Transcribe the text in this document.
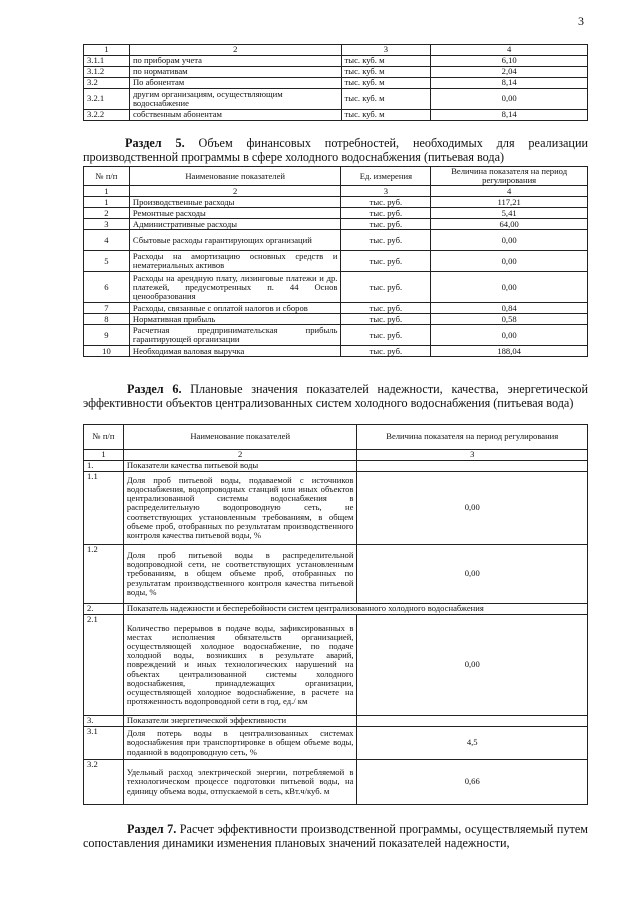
3
1	2	3	4
3.1.1	по приборам учета	тыс. куб. м	6,10
3.1.2	по нормативам	тыс. куб. м	2,04
3.2	По абонентам	тыс. куб. м	8,14
3.2.1	другим организациям, осуществляющим водоснабжение	тыс. куб. м	0,00
3.2.2	собственным абонентам	тыс. куб. м	8,14
Раздел 5. Объем финансовых потребностей, необходимых для реализации производственной программы в сфере холодного водоснабжения (питьевая вода)
№ п/п	Наименование показателей	Ед. измерения	Величина показателя на период регулирования
1	2	3	4
1	Производственные расходы	тыс. руб.	117,21
2	Ремонтные расходы	тыс. руб.	5,41
3	Административные расходы	тыс. руб.	64,00
4	Сбытовые расходы гарантирующих организаций	тыс. руб.	0,00
5	Расходы на амортизацию основных средств и нематериальных активов	тыс. руб.	0,00
6	Расходы на арендную плату, лизинговые платежи и др. платежей, предусмотренных п. 44 Основ ценообразования	тыс. руб.	0,00
7	Расходы, связанные с оплатой налогов и сборов	тыс. руб.	0,84
8	Нормативная прибыль	тыс. руб.	0,58
9	Расчетная предпринимательская прибыль гарантирующей организации	тыс. руб.	0,00
10	Необходимая валовая выручка	тыс. руб.	188,04
Раздел 6. Плановые значения показателей надежности, качества, энергетической эффективности объектов централизованных систем холодного водоснабжения (питьевая вода)
№ п/п	Наименование показателей	Величина показателя на период регулирования
1	2	3
1.	Показатели качества питьевой воды	
1.1	Доля проб питьевой воды, подаваемой с источников водоснабжения, водопроводных станций или иных объектов централизованной системы водоснабжения в распределительную водопроводную сеть, не соответствующих установленным требованиям, в общем объеме проб, отобранных по результатам производственного контроля качества питьевой воды, %	0,00
1.2	Доля проб питьевой воды в распределительной водопроводной сети, не соответствующих установленным требованиям, в общем объеме проб, отобранных по результатам производственного контроля качества питьевой воды, %	0,00
2.	Показатель надежности и бесперебойности систем централизованного холодного водоснабжения	
2.1	Количество перерывов в подаче воды, зафиксированных в местах исполнения обязательств организацией, осуществляющей холодное водоснабжение, по подаче холодной воды, возникших в результате аварий, повреждений и иных технологических нарушений на объектах централизованной системы холодного водоснабжения, принадлежащих организации, осуществляющей холодное водоснабжение, в расчете на протяженность водопроводной сети в год, ед./ км	0,00
3.	Показатели энергетической эффективности	
3.1	Доля потерь воды в централизованных системах водоснабжения при транспортировке в общем объеме воды, поданной в водопроводную сеть, %	4,5
3.2	Удельный расход электрической энергии, потребляемой в технологическом процессе подготовки питьевой воды, на единицу объема воды, отпускаемой в сеть, кВт.ч/куб. м	0,66
Раздел 7. Расчет эффективности производственной программы, осуществляемый путем сопоставления динамики изменения плановых значений показателей надежности,
